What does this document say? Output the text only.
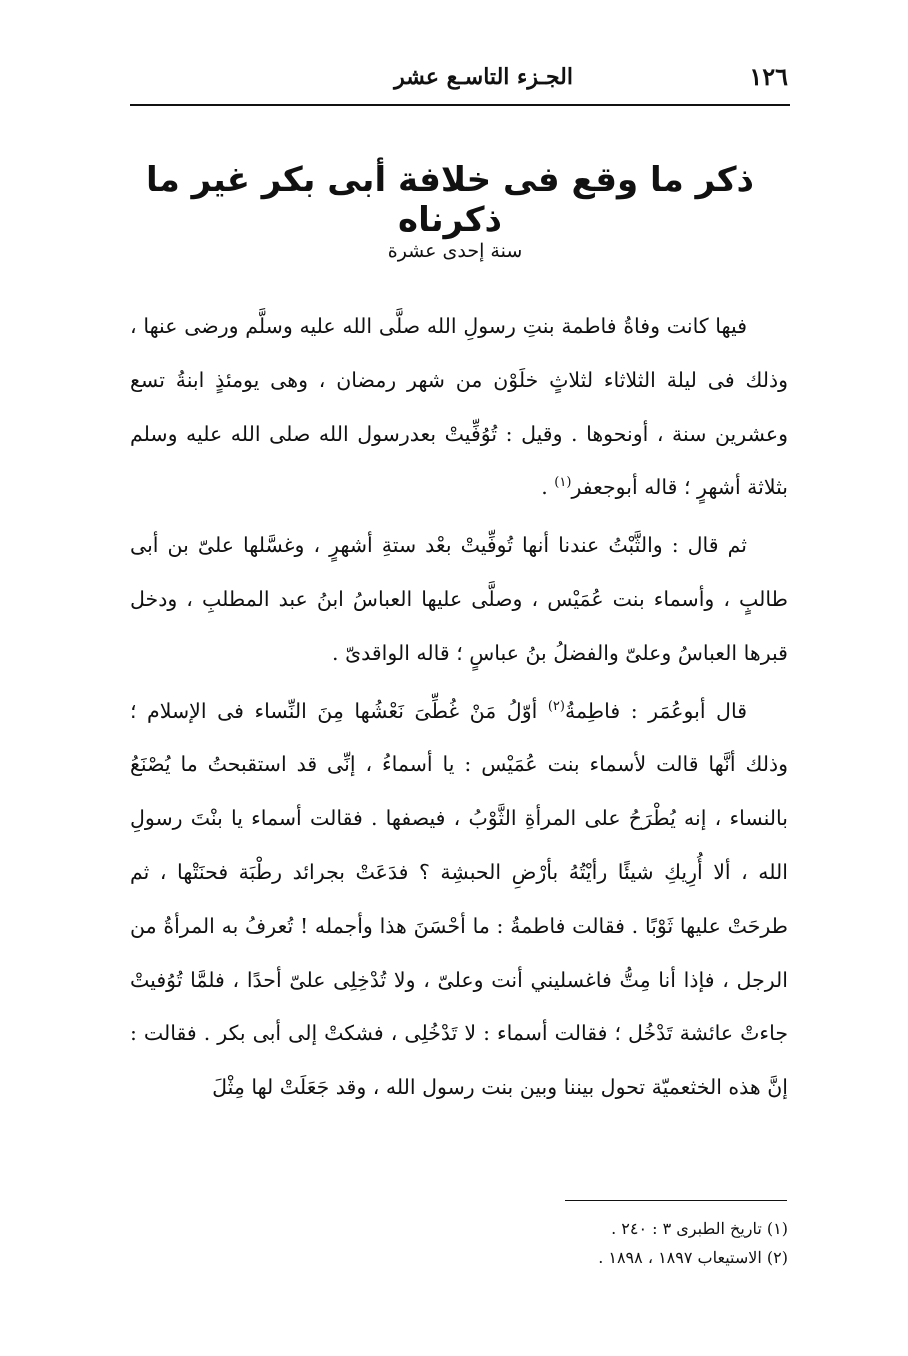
١٢٦
الجـزء التاسـع عشر
ذكر ما وقع فى خلافة أبى بكر غير ما ذكرناه
سنة إحدى عشرة

فيها كانت وفاةُ فاطمة بنتِ رسولِ الله صلَّى الله عليه وسلَّم ورضى عنها ، وذلك فى ليلة الثلاثاء لثلاثٍ خلَوْن من شهر رمضان ، وهى يومئذٍ ابنةُ تسع وعشرين سنة ، أونحوها . وقيل : تُوُفِّيتْ بعدرسول الله صلى الله عليه وسلم بثلاثة أشهرٍ ؛ قاله أبوجعفر$^{(١)}$ .

ثم قال : والثَّبْتُ عندنا أنها تُوفِّيتْ بعْد ستةِ أشهرٍ ، وغسَّلها علىّ بن أبى طالبٍ ، وأسماء بنت عُمَيْس ، وصلَّى عليها العباسُ ابنُ عبد المطلبِ ، ودخل قبرها العباسُ وعلىّ والفضلُ بنُ عباسٍ ؛ قاله الواقدىّ .

قال أبوعُمَر : فاطِمةُ$^{(٢)}$ أوّلُ مَنْ غُطِّىَ نَعْشُها مِنَ النِّساء فى الإسلام ؛ وذلك أنَّها قالت لأسماء بنت عُمَيْس : يا أسماءُ ، إنِّى قد استقبحتُ ما يُصْنَعُ بالنساء ، إنه يُطْرَحُ على المرأةِ الثَّوْبُ ، فيصفها . فقالت أسماء يا بنْتَ رسولِ الله ، ألا أُرِيكِ شيئًا رأيْتُهُ بأرْضِ الحبشِة ؟ فدَعَتْ بجرائد رطْبَة فحنَتْها ، ثم طرحَتْ عليها ثَوْبًا . فقالت فاطمةُ : ما أحْسَنَ هذا وأجمله ! تُعرفُ به المرأةُ من الرجل ، فإذا أنا مِتُّ فاغسليني أنت وعلىّ ، ولا تُدْخِلِى علىّ أحدًا ، فلمَّا تُوُفيتْ جاءتْ عائشة تَدْخُل ؛ فقالت أسماء : لا تَدْخُلِى ، فشكتْ إلى أبى بكر . فقالت : إنَّ هذه الخثعميّة تحول بيننا وبين بنت رسول الله ، وقد جَعَلَتْ لها مِثْلَ

(١) تاريخ الطبرى ٣ : ٢٤٠ .
(٢) الاستيعاب ١٨٩٧ ، ١٨٩٨ .
